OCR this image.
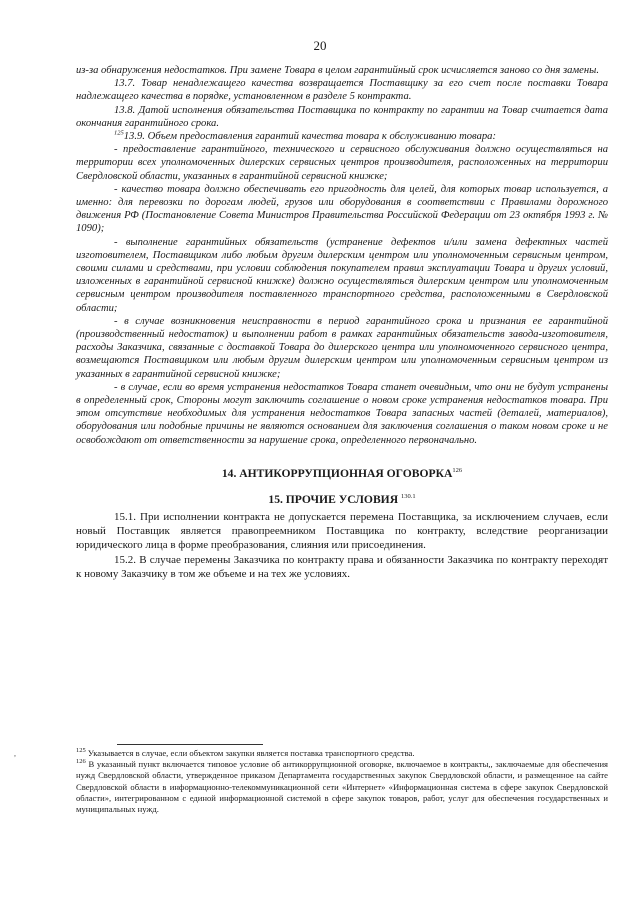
20

из-за обнаружения недостатков. При замене Товара в целом гарантийный срок исчисляется заново со дня замены.

13.7. Товар ненадлежащего качества возвращается Поставщику за его счет после поставки Товара надлежащего качества в порядке, установленном в разделе 5 контракта.

13.8. Датой исполнения обязательства Поставщика по контракту по гарантии на Товар считается дата окончания гарантийного срока.

$^{125}$13.9. Объем предоставления гарантий качества товара к обслуживанию товара:

- предоставление гарантийного, технического и сервисного обслуживания должно осуществляться на территории всех уполномоченных дилерских сервисных центров производителя, расположенных на территории Свердловской области, указанных в гарантийной сервисной книжке;

- качество товара должно обеспечивать его пригодность для целей, для которых товар используется, а именно: для перевозки по дорогам людей, грузов или оборудования в соответствии с Правилами дорожного движения РФ (Постановление Совета Министров Правительства Российской Федерации от 23 октября 1993 г. № 1090);

- выполнение гарантийных обязательств (устранение дефектов и/или замена дефектных частей изготовителем, Поставщиком либо любым другим дилерским центром или уполномоченным сервисным центром, своими силами и средствами, при условии соблюдения покупателем правил эксплуатации Товара и других условий, изложенных в гарантийной сервисной книжке) должно осуществляться дилерским центром или уполномоченным сервисным центром производителя поставленного транспортного средства, расположенными в Свердловской области;

- в случае возникновения неисправности в период гарантийного срока и признания ее гарантийной (производственный недостаток) и выполнении работ в рамках гарантийных обязательств завода-изготовителя, расходы Заказчика, связанные с доставкой Товара до дилерского центра или уполномоченного сервисного центра, возмещаются Поставщиком или любым другим дилерским центром или уполномоченным сервисным центром из указанных в гарантийной сервисной книжке;

- в случае, если во время устранения недостатков Товара станет очевидным, что они не будут устранены в определенный срок, Стороны могут заключить соглашение о новом сроке устранения недостатков товара. При этом отсутствие необходимых для устранения недостатков Товара запасных частей (деталей, материалов), оборудования или подобные причины не являются основанием для заключения соглашения о таком новом сроке и не освобождают от ответственности за нарушение срока, определенного первоначально.

14. АНТИКОРРУПЦИОННАЯ ОГОВОРКА$^{126}$
15. ПРОЧИЕ УСЛОВИЯ $^{130.1}$

15.1. При исполнении контракта не допускается перемена Поставщика, за исключением случаев, если новый Поставщик является правопреемником Поставщика по контракту, вследствие реорганизации юридического лица в форме преобразования, слияния или присоединения.

15.2. В случае перемены Заказчика по контракту права и обязанности Заказчика по контракту переходят к новому Заказчику в том же объеме и на тех же условиях.

,	$^{125}$ Указывается в случае, если объектом закупки является поставка транспортного средства.

$^{126}$ В указанный пункт включается типовое условие об антикоррупционной оговорке, включаемое в контракты,, заключаемые для обеспечения нужд Свердловской области, утвержденное приказом Департамента государственных закупок Свердловской области, и размещенное на сайте Свердловской области в информационно-телекоммуникационной сети «Интернет» «Информационная система в сфере закупок Свердловской области», интегрированном с единой информационной системой в сфере закупок товаров, работ, услуг для обеспечения государственных и муниципальных нужд.
